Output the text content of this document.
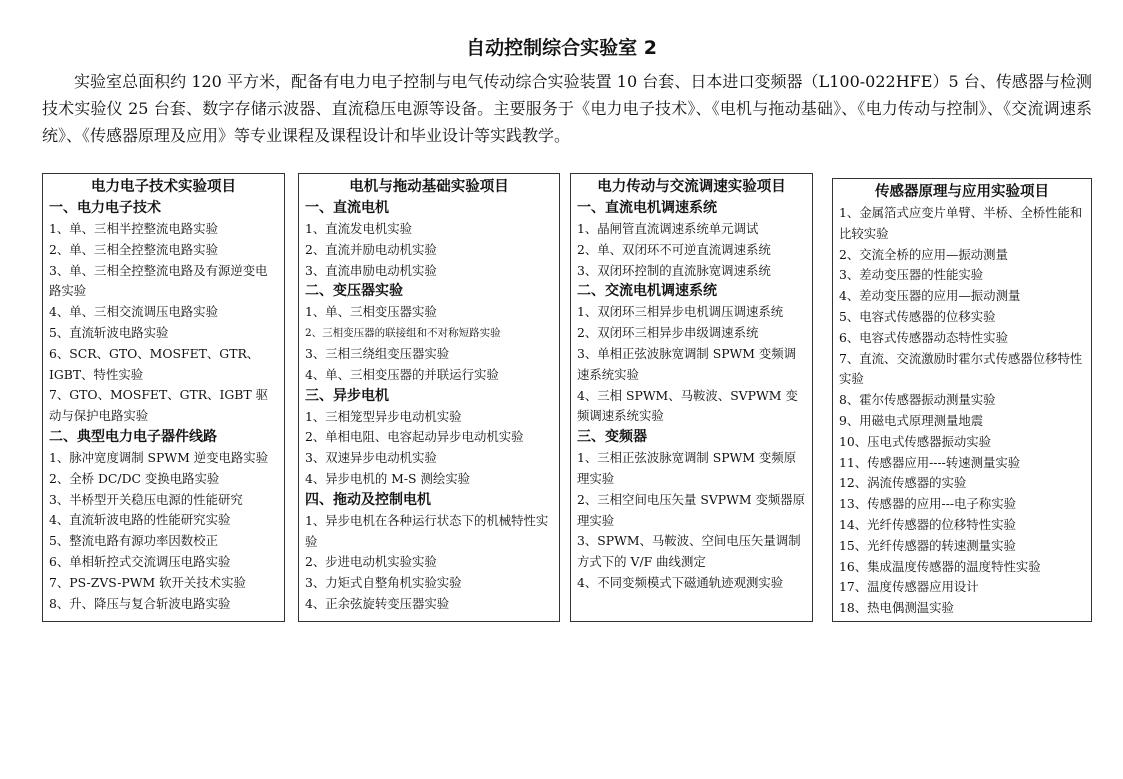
自动控制综合实验室 2
实验室总面积约 120 平方米，配备有电力电子控制与电气传动综合实验装置 10 台套、日本进口变频器（L100-022HFE）5 台、传感器与检测技术实验仪 25 台套、数字存储示波器、直流稳压电源等设备。主要服务于《电力电子技术》、《电机与拖动基础》、《电力传动与控制》、《交流调速系统》、《传感器原理及应用》等专业课程及课程设计和毕业设计等实践教学。
电力电子技术实验项目
一、电力电子技术
1、单、三相半控整流电路实验
2、单、三相全控整流电路实验
3、单、三相全控整流电路及有源逆变电路实验
4、单、三相交流调压电路实验
5、直流斩波电路实验
6、SCR、GTO、MOSFET、GTR、IGBT、特性实验
7、GTO、MOSFET、GTR、IGBT 驱动与保护电路实验
二、典型电力电子器件线路
1、脉冲宽度调制 SPWM 逆变电路实验
2、全桥 DC/DC 变换电路实验
3、半桥型开关稳压电源的性能研究
4、直流斩波电路的性能研究实验
5、整流电路有源功率因数校正
6、单相斩控式交流调压电路实验
7、PS-ZVS-PWM 软开关技术实验
8、升、降压与复合斩波电路实验
电机与拖动基础实验项目
一、直流电机
1、直流发电机实验
2、直流并励电动机实验
3、直流串励电动机实验
二、变压器实验
1、单、三相变压器实验
2、三相变压器的联接组和不对称短路实验
3、三相三绕组变压器实验
4、单、三相变压器的并联运行实验
三、异步电机
1、三相笼型异步电动机实验
2、单相电阻、电容起动异步电动机实验
3、双速异步电动机实验
4、异步电机的 M-S 测绘实验
四、拖动及控制电机
1、异步电机在各种运行状态下的机械特性实验
2、步进电动机实验实验
3、力矩式自整角机实验实验
4、正余弦旋转变压器实验
电力传动与交流调速实验项目
一、直流电机调速系统
1、晶闸管直流调速系统单元调试
2、单、双闭环不可逆直流调速系统
3、双闭环控制的直流脉宽调速系统
二、交流电机调速系统
1、双闭环三相异步电机调压调速系统
2、双闭环三相异步串级调速系统
3、单相正弦波脉宽调制 SPWM 变频调速系统实验
4、三相 SPWM、马鞍波、SVPWM 变频调速系统实验
三、变频器
1、三相正弦波脉宽调制 SPWM 变频原理实验
2、三相空间电压矢量 SVPWM 变频器原理实验
3、SPWM、马鞍波、空间电压矢量调制方式下的 V/F 曲线测定
4、不同变频模式下磁通轨迹观测实验
传感器原理与应用实验项目
1、金属箔式应变片单臂、半桥、全桥性能和比较实验
2、交流全桥的应用—振动测量
3、差动变压器的性能实验
4、差动变压器的应用—振动测量
5、电容式传感器的位移实验
6、电容式传感器动态特性实验
7、直流、交流激励时霍尔式传感器位移特性实验
8、霍尔传感器振动测量实验
9、用磁电式原理测量地震
10、压电式传感器振动实验
11、传感器应用----转速测量实验
12、涡流传感器的实验
13、传感器的应用---电子称实验
14、光纤传感器的位移特性实验
15、光纤传感器的转速测量实验
16、集成温度传感器的温度特性实验
17、温度传感器应用设计
18、热电偶测温实验
